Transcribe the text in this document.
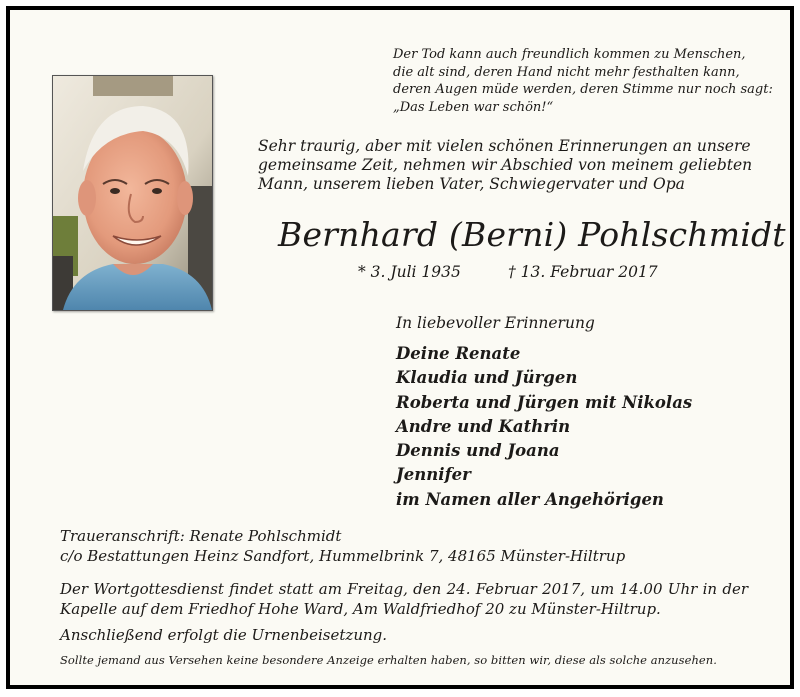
Der Tod kann auch freundlich kommen zu Menschen,
die alt sind, deren Hand nicht mehr festhalten kann,
deren Augen müde werden, deren Stimme nur noch sagt:
„Das Leben war schön!“
Sehr traurig, aber mit vielen schönen Erinnerungen an unsere
gemeinsame Zeit, nehmen wir Abschied von meinem geliebten
Mann, unserem lieben Vater, Schwiegervater und Opa
Bernhard (Berni) Pohlschmidt
* 3. Juli 1935	† 13. Februar 2017
In liebevoller Erinnerung
Deine Renate
Klaudia und Jürgen
Roberta und Jürgen mit Nikolas
Andre und Kathrin
Dennis und Joana
Jennifer
im Namen aller Angehörigen
Traueranschrift: Renate Pohlschmidt
c/o Bestattungen Heinz Sandfort, Hummelbrink 7, 48165 Münster-Hiltrup
Der Wortgottesdienst findet statt am Freitag, den 24. Februar 2017, um 14.00 Uhr in der
Kapelle auf dem Friedhof Hohe Ward, Am Waldfriedhof 20 zu Münster-Hiltrup.
Anschließend erfolgt die Urnenbeisetzung.
Sollte jemand aus Versehen keine besondere Anzeige erhalten haben, so bitten wir, diese als solche anzusehen.
